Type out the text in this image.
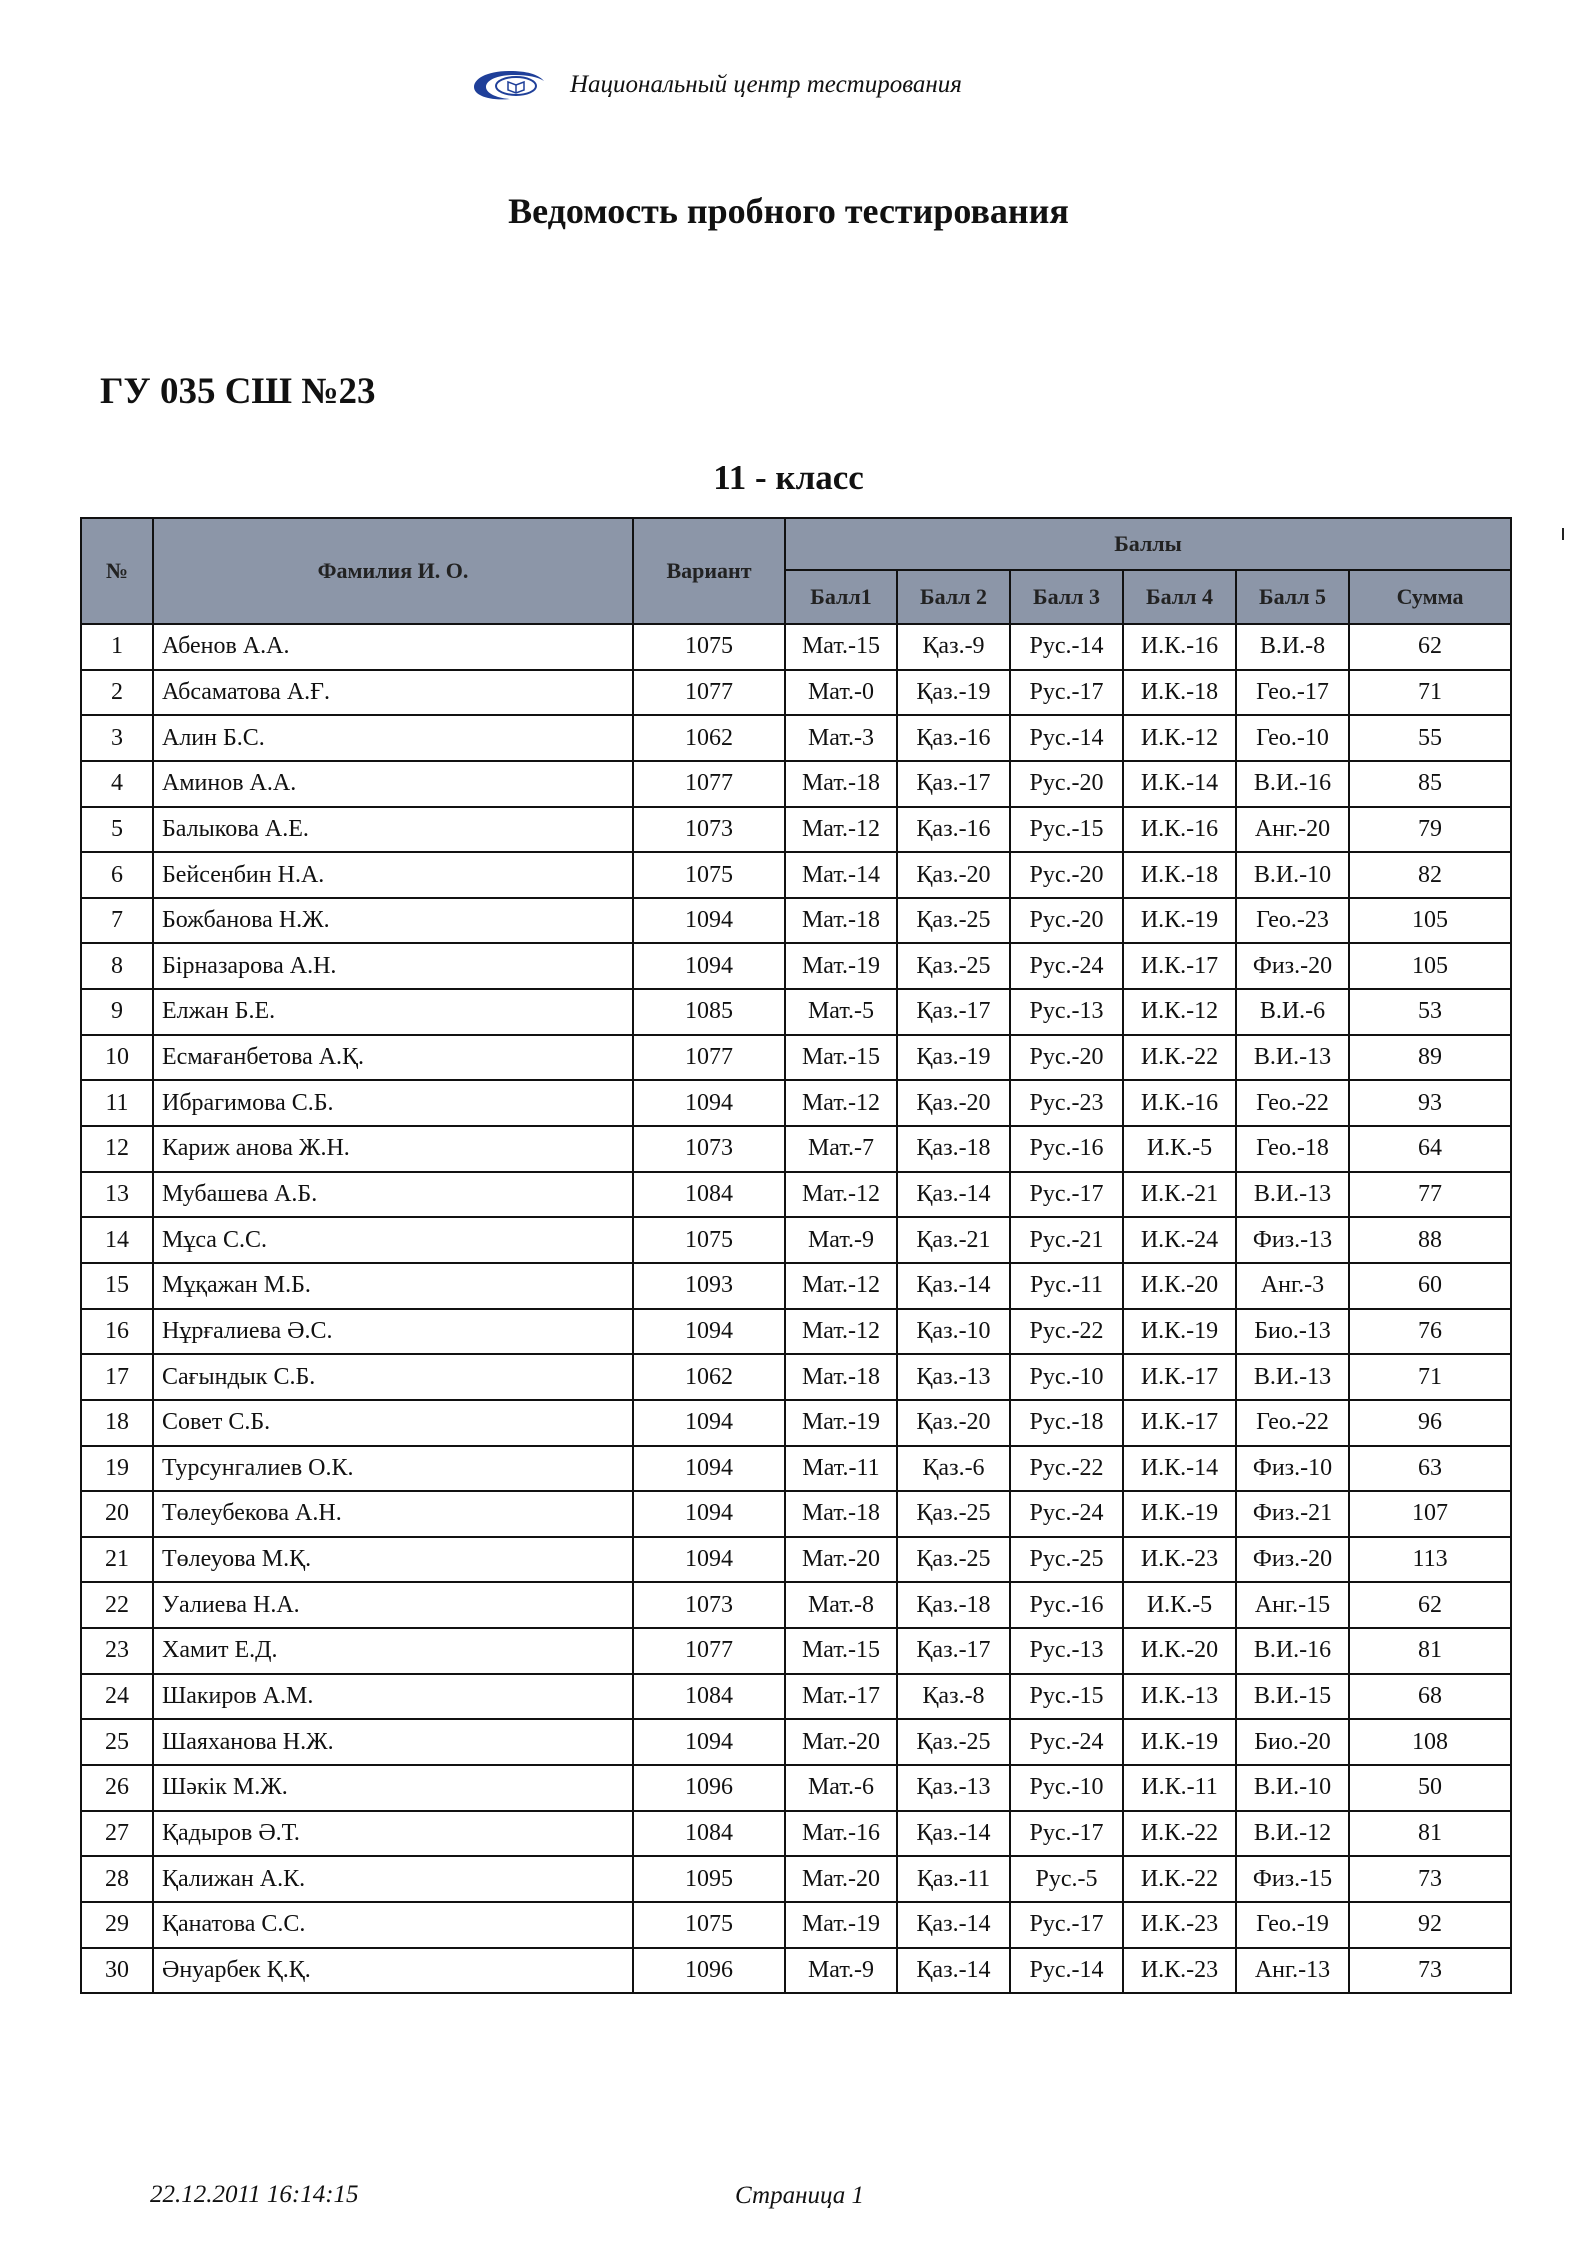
Национальный центр тестирования
Ведомость пробного тестирования
ГУ 035 СШ №23
11 - класс
№	Фамилия И. О.	Вариант	Баллы					
			Балл1	Балл 2	Балл 3	Балл 4	Балл 5	Сумма
1	Абенов А.А.	1075	Мат.-15	Қаз.-9	Рус.-14	И.К.-16	В.И.-8	62
2	Абсаматова А.Ғ.	1077	Мат.-0	Қаз.-19	Рус.-17	И.К.-18	Гео.-17	71
3	Алин Б.С.	1062	Мат.-3	Қаз.-16	Рус.-14	И.К.-12	Гео.-10	55
4	Аминов А.А.	1077	Мат.-18	Қаз.-17	Рус.-20	И.К.-14	В.И.-16	85
5	Балыкова А.Е.	1073	Мат.-12	Қаз.-16	Рус.-15	И.К.-16	Анг.-20	79
6	Бейсенбин Н.А.	1075	Мат.-14	Қаз.-20	Рус.-20	И.К.-18	В.И.-10	82
7	Божбанова Н.Ж.	1094	Мат.-18	Қаз.-25	Рус.-20	И.К.-19	Гео.-23	105
8	Бірназарова А.Н.	1094	Мат.-19	Қаз.-25	Рус.-24	И.К.-17	Физ.-20	105
9	Елжан Б.Е.	1085	Мат.-5	Қаз.-17	Рус.-13	И.К.-12	В.И.-6	53
10	Есмағанбетова А.Қ.	1077	Мат.-15	Қаз.-19	Рус.-20	И.К.-22	В.И.-13	89
11	Ибрагимова С.Б.	1094	Мат.-12	Қаз.-20	Рус.-23	И.К.-16	Гео.-22	93
12	Кариж анова Ж.Н.	1073	Мат.-7	Қаз.-18	Рус.-16	И.К.-5	Гео.-18	64
13	Мубашева А.Б.	1084	Мат.-12	Қаз.-14	Рус.-17	И.К.-21	В.И.-13	77
14	Мұса С.С.	1075	Мат.-9	Қаз.-21	Рус.-21	И.К.-24	Физ.-13	88
15	Мұқажан М.Б.	1093	Мат.-12	Қаз.-14	Рус.-11	И.К.-20	Анг.-3	60
16	Нұрғалиева Ә.С.	1094	Мат.-12	Қаз.-10	Рус.-22	И.К.-19	Био.-13	76
17	Сағындык С.Б.	1062	Мат.-18	Қаз.-13	Рус.-10	И.К.-17	В.И.-13	71
18	Совет С.Б.	1094	Мат.-19	Қаз.-20	Рус.-18	И.К.-17	Гео.-22	96
19	Турсунгалиев О.К.	1094	Мат.-11	Қаз.-6	Рус.-22	И.К.-14	Физ.-10	63
20	Төлеубекова А.Н.	1094	Мат.-18	Қаз.-25	Рус.-24	И.К.-19	Физ.-21	107
21	Төлеуова М.Қ.	1094	Мат.-20	Қаз.-25	Рус.-25	И.К.-23	Физ.-20	113
22	Уалиева Н.А.	1073	Мат.-8	Қаз.-18	Рус.-16	И.К.-5	Анг.-15	62
23	Хамит Е.Д.	1077	Мат.-15	Қаз.-17	Рус.-13	И.К.-20	В.И.-16	81
24	Шакиров А.М.	1084	Мат.-17	Қаз.-8	Рус.-15	И.К.-13	В.И.-15	68
25	Шаяханова Н.Ж.	1094	Мат.-20	Қаз.-25	Рус.-24	И.К.-19	Био.-20	108
26	Шәкік М.Ж.	1096	Мат.-6	Қаз.-13	Рус.-10	И.К.-11	В.И.-10	50
27	Қадыров Ә.Т.	1084	Мат.-16	Қаз.-14	Рус.-17	И.К.-22	В.И.-12	81
28	Қалижан А.К.	1095	Мат.-20	Қаз.-11	Рус.-5	И.К.-22	Физ.-15	73
29	Қанатова С.С.	1075	Мат.-19	Қаз.-14	Рус.-17	И.К.-23	Гео.-19	92
30	Әнуарбек Қ.Қ.	1096	Мат.-9	Қаз.-14	Рус.-14	И.К.-23	Анг.-13	73
22.12.2011 16:14:15	Страница 1
